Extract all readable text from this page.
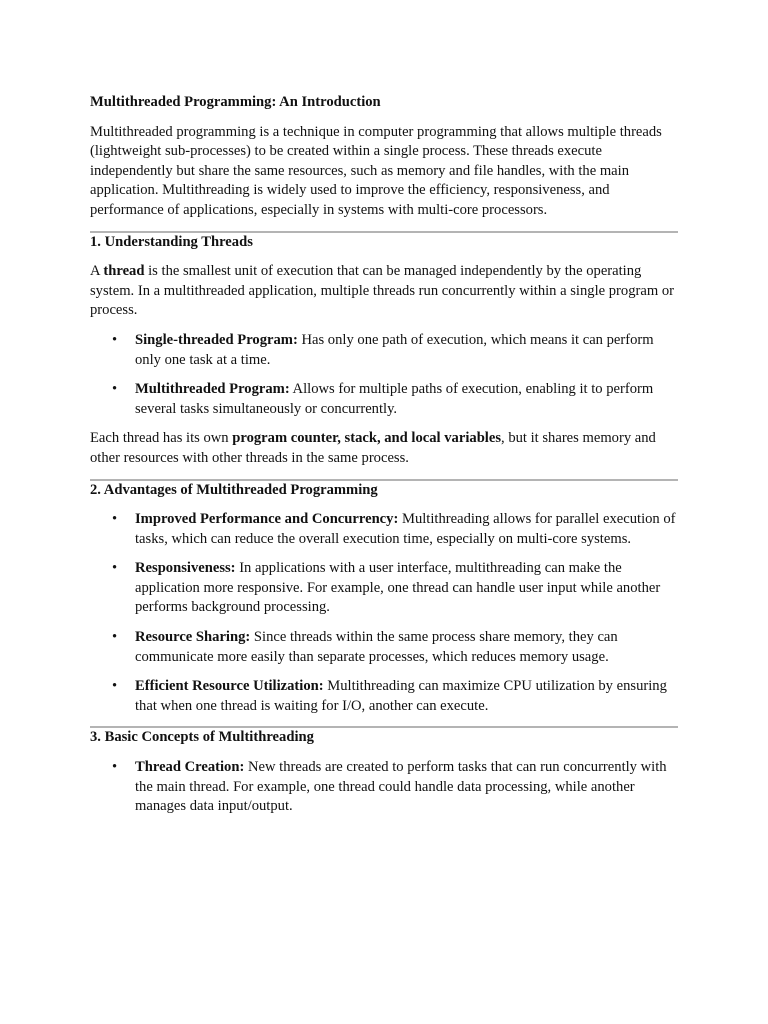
Multithreaded Programming: An Introduction

Multithreaded programming is a technique in computer programming that allows multiple threads (lightweight sub-processes) to be created within a single process. These threads execute independently but share the same resources, such as memory and file handles, with the main application. Multithreading is widely used to improve the efficiency, responsiveness, and performance of applications, especially in systems with multi-core processors.

1. Understanding Threads

A thread is the smallest unit of execution that can be managed independently by the operating system. In a multithreaded application, multiple threads run concurrently within a single program or process.

• Single-threaded Program: Has only one path of execution, which means it can perform only one task at a time.
• Multithreaded Program: Allows for multiple paths of execution, enabling it to perform several tasks simultaneously or concurrently.

Each thread has its own program counter, stack, and local variables, but it shares memory and other resources with other threads in the same process.

2. Advantages of Multithreaded Programming
• Improved Performance and Concurrency: Multithreading allows for parallel execution of tasks, which can reduce the overall execution time, especially on multi-core systems.
• Responsiveness: In applications with a user interface, multithreading can make the application more responsive. For example, one thread can handle user input while another performs background processing.
• Resource Sharing: Since threads within the same process share memory, they can communicate more easily than separate processes, which reduces memory usage.
• Efficient Resource Utilization: Multithreading can maximize CPU utilization by ensuring that when one thread is waiting for I/O, another can execute.
3. Basic Concepts of Multithreading
• Thread Creation: New threads are created to perform tasks that can run concurrently with the main thread. For example, one thread could handle data processing, while another manages data input/output.
